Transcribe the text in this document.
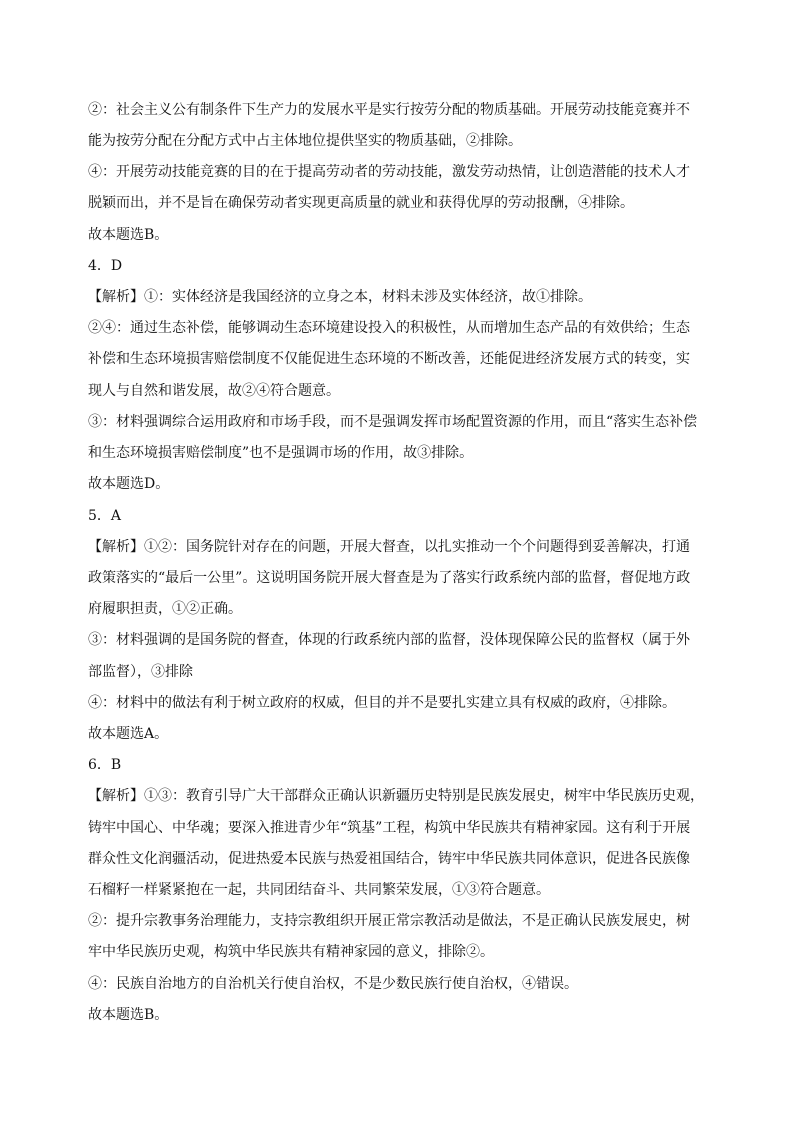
②：社会主义公有制条件下生产力的发展水平是实行按劳分配的物质基础。开展劳动技能竞赛并不
能为按劳分配在分配方式中占主体地位提供坚实的物质基础，②排除。
④：开展劳动技能竞赛的目的在于提高劳动者的劳动技能，激发劳动热情，让创造潜能的技术人才
脱颖而出，并不是旨在确保劳动者实现更高质量的就业和获得优厚的劳动报酬，④排除。
故本题选B。
4．D
【解析】①：实体经济是我国经济的立身之本，材料未涉及实体经济，故①排除。
②④：通过生态补偿，能够调动生态环境建设投入的积极性，从而增加生态产品的有效供给；生态
补偿和生态环境损害赔偿制度不仅能促进生态环境的不断改善，还能促进经济发展方式的转变，实
现人与自然和谐发展，故②④符合题意。
③：材料强调综合运用政府和市场手段，而不是强调发挥市场配置资源的作用，而且“落实生态补偿
和生态环境损害赔偿制度”也不是强调市场的作用，故③排除。
故本题选D。
5．A
【解析】①②：国务院针对存在的问题，开展大督查，以扎实推动一个个问题得到妥善解决，打通
政策落实的“最后一公里”。这说明国务院开展大督查是为了落实行政系统内部的监督，督促地方政
府履职担责，①②正确。
③：材料强调的是国务院的督查，体现的行政系统内部的监督，没体现保障公民的监督权（属于外
部监督），③排除
④：材料中的做法有利于树立政府的权威，但目的并不是要扎实建立具有权威的政府，④排除。
故本题选A。
6．B
【解析】①③：教育引导广大干部群众正确认识新疆历史特别是民族发展史，树牢中华民族历史观，
铸牢中国心、中华魂；要深入推进青少年“筑基”工程，构筑中华民族共有精神家园。这有利于开展
群众性文化润疆活动，促进热爱本民族与热爱祖国结合，铸牢中华民族共同体意识，促进各民族像
石榴籽一样紧紧抱在一起，共同团结奋斗、共同繁荣发展，①③符合题意。
②：提升宗教事务治理能力，支持宗教组织开展正常宗教活动是做法，不是正确认民族发展史，树
牢中华民族历史观，构筑中华民族共有精神家园的意义，排除②。
④：民族自治地方的自治机关行使自治权，不是少数民族行使自治权，④错误。
故本题选B。
